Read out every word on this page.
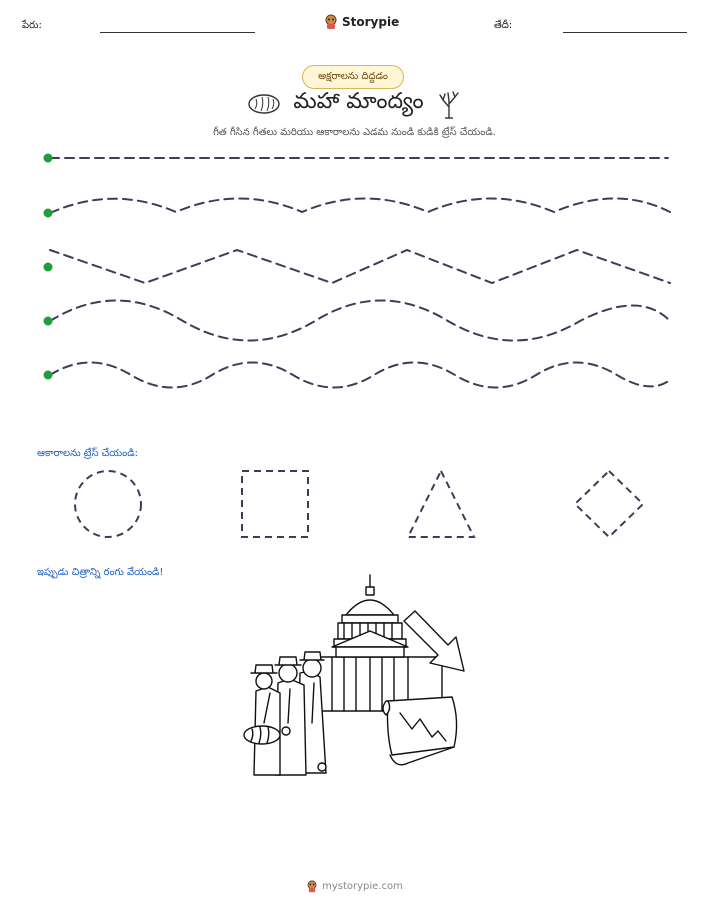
పేరు:	Storypie	తేదీ:
అక్షరాలను దిద్దడం
మహా మాంద్యం
గీత గీసిన గీతలు మరియు ఆకారాలను ఎడమ నుండి కుడికి ట్రేస్ చేయండి.
ఆకారాలను ట్రేస్ చేయండి:
ఇప్పుడు చిత్రాన్ని రంగు వేయండి!
mystorypie.com
